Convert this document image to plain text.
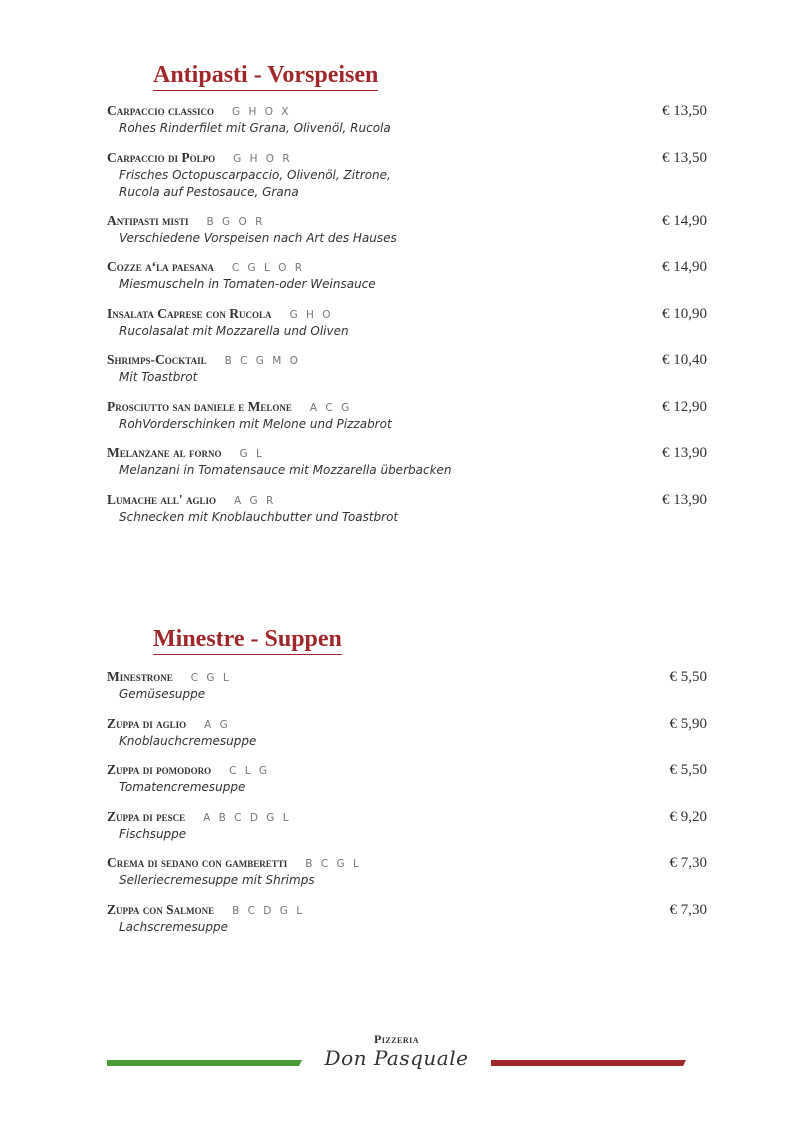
Antipasti - Vorspeisen
Carpaccio classico G H O X
Rohes Rinderfilet mit Grana, Olivenöl, Rucola
€ 13,50
Carpaccio di Polpo G H O R
Frisches Octopuscarpaccio, Olivenöl, Zitrone,
Rucola auf Pestosauce, Grana
€ 13,50
Antipasti misti B G O R
Verschiedene Vorspeisen nach Art des Hauses
€ 14,90
Cozze a‘la paesana C G L O R
Miesmuscheln in Tomaten-oder Weinsauce
€ 14,90
Insalata Caprese con Rucola G H O
Rucolasalat mit Mozzarella und Oliven
€ 10,90
Shrimps-Cocktail B C G M O
Mit Toastbrot
€ 10,40
Prosciutto san daniele e Melone A C G
RohVorderschinken mit Melone und Pizzabrot
€ 12,90
Melanzane al forno G L
Melanzani in Tomatensauce mit Mozzarella überbacken
€ 13,90
Lumache all' aglio A G R
Schnecken mit Knoblauchbutter und Toastbrot
€ 13,90
Minestre - Suppen
Minestrone C G L
Gemüsesuppe
€ 5,50
Zuppa di aglio A G
Knoblauchcremesuppe
€ 5,90
Zuppa di pomodoro C L G
Tomatencremesuppe
€ 5,50
Zuppa di pesce A B C D G L
Fischsuppe
€ 9,20
Crema di sedano con gamberetti B C G L
Selleriecremesuppe mit Shrimps
€ 7,30
Zuppa con Salmone B C D G L
Lachscremesuppe
€ 7,30
Pizzeria
Don Pasquale
